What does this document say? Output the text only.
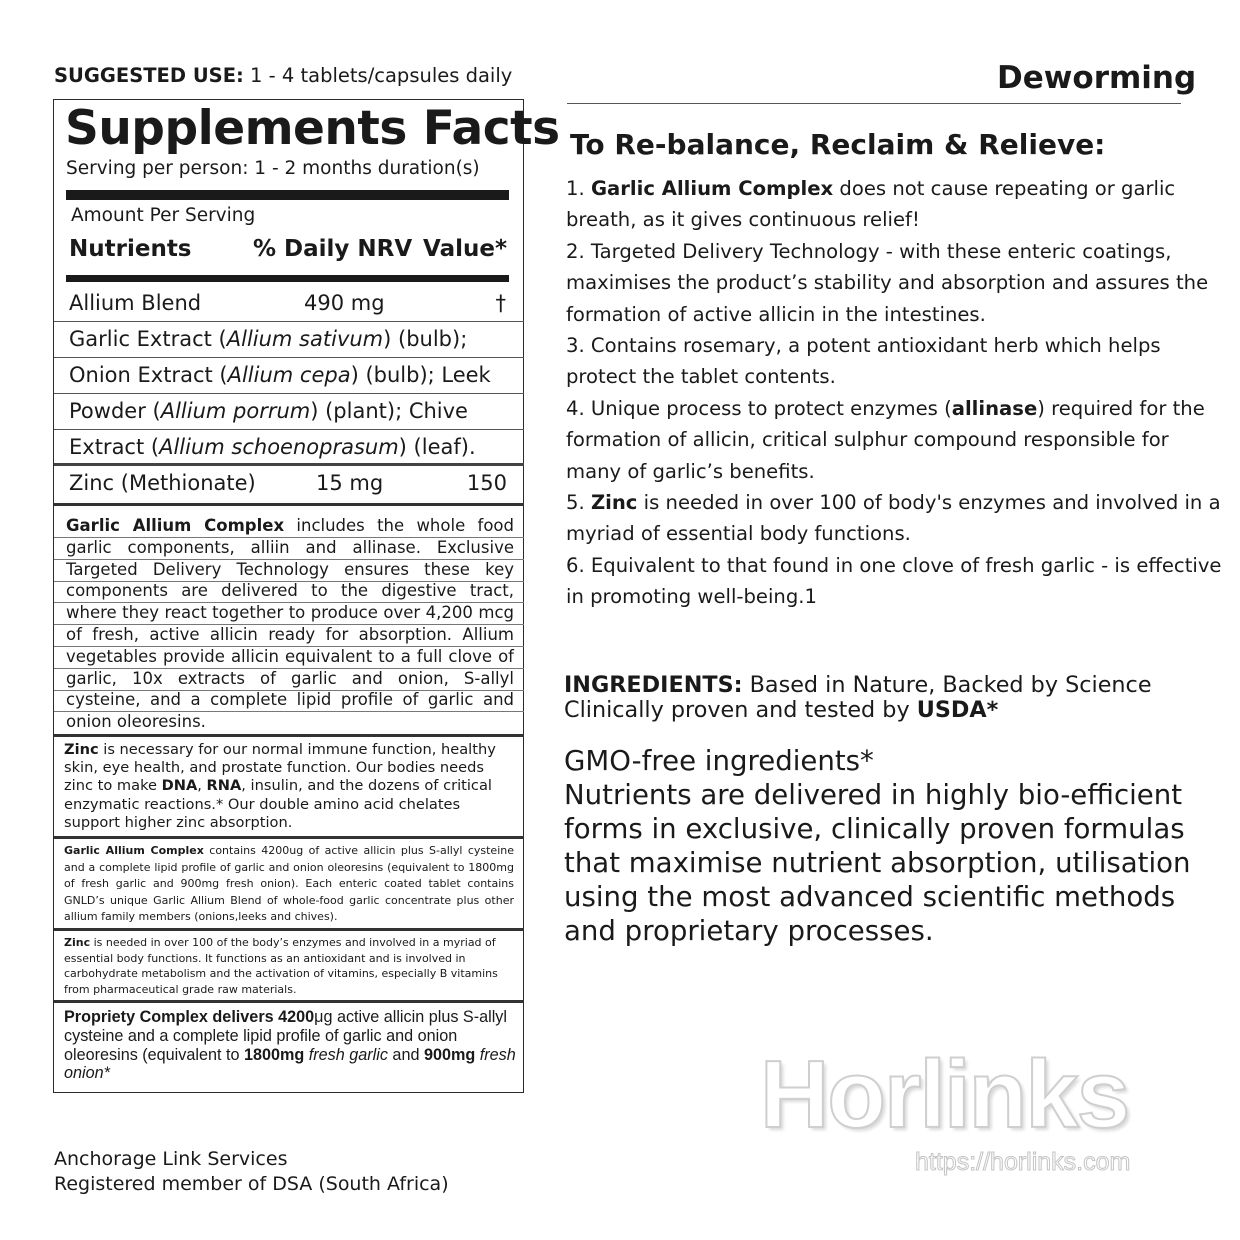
SUGGESTED USE: 1 - 4 tablets/capsules daily
Supplements Facts
Serving per person: 1 - 2 months duration(s)
Amount Per Serving
Nutrients	% Daily NRV Value*
Allium Blend	490 mg	†
Garlic Extract (Allium sativum) (bulb);
Onion Extract (Allium cepa) (bulb); Leek
Powder (Allium porrum) (plant); Chive
Extract (Allium schoenoprasum) (leaf).
Zinc (Methionate)	15 mg	150
Garlic Allium Complex includes the whole food garlic components, alliin and allinase. Exclusive Targeted Delivery Technology ensures these key components are delivered to the digestive tract, where they react together to produce over 4,200 mcg of fresh, active allicin ready for absorption. Allium vegetables provide allicin equivalent to a full clove of garlic, 10x extracts of garlic and onion, S-allyl cysteine, and a complete lipid profile of garlic and onion oleoresins.
Zinc is necessary for our normal immune function, healthy skin, eye health, and prostate function. Our bodies needs zinc to make DNA, RNA, insulin, and the dozens of critical enzymatic reactions.* Our double amino acid chelates support higher zinc absorption.
Garlic Allium Complex contains 4200ug of active allicin plus S-allyl cysteine and a complete lipid profile of garlic and onion oleoresins (equivalent to 1800mg of fresh garlic and 900mg fresh onion). Each enteric coated tablet contains GNLD’s unique Garlic Allium Blend of whole-food garlic concentrate plus other allium family members (onions,leeks and chives).
Zinc is needed in over 100 of the body’s enzymes and involved in a myriad of essential body functions. It functions as an antioxidant and is involved in carbohydrate metabolism and the activation of vitamins, especially B vitamins from pharmaceutical grade raw materials.
Propriety Complex delivers 4200μg active allicin plus S-allyl cysteine and a complete lipid profile of garlic and onion oleoresins (equivalent to 1800mg fresh garlic and 900mg fresh onion*
Anchorage Link Services
Registered member of DSA (South Africa)
Deworming
To Re-balance, Reclaim & Relieve:
1. Garlic Allium Complex does not cause repeating or garlic breath, as it gives continuous relief!
2. Targeted Delivery Technology - with these enteric coatings, maximises the product’s stability and absorption and assures the formation of active allicin in the intestines.
3. Contains rosemary, a potent antioxidant herb which helps protect the tablet contents.
4. Unique process to protect enzymes (allinase) required for the formation of allicin, critical sulphur compound responsible for many of garlic’s benefits.
5. Zinc is needed in over 100 of body's enzymes and involved in a myriad of essential body functions.
6. Equivalent to that found in one clove of fresh garlic - is effective in promoting well-being.1
INGREDIENTS: Based in Nature, Backed by Science
Clinically proven and tested by USDA*
GMO-free ingredients*
Nutrients are delivered in highly bio-efficient forms in exclusive, clinically proven formulas that maximise nutrient absorption, utilisation using the most advanced scientific methods and proprietary processes.
Horlinks
https://horlinks.com
